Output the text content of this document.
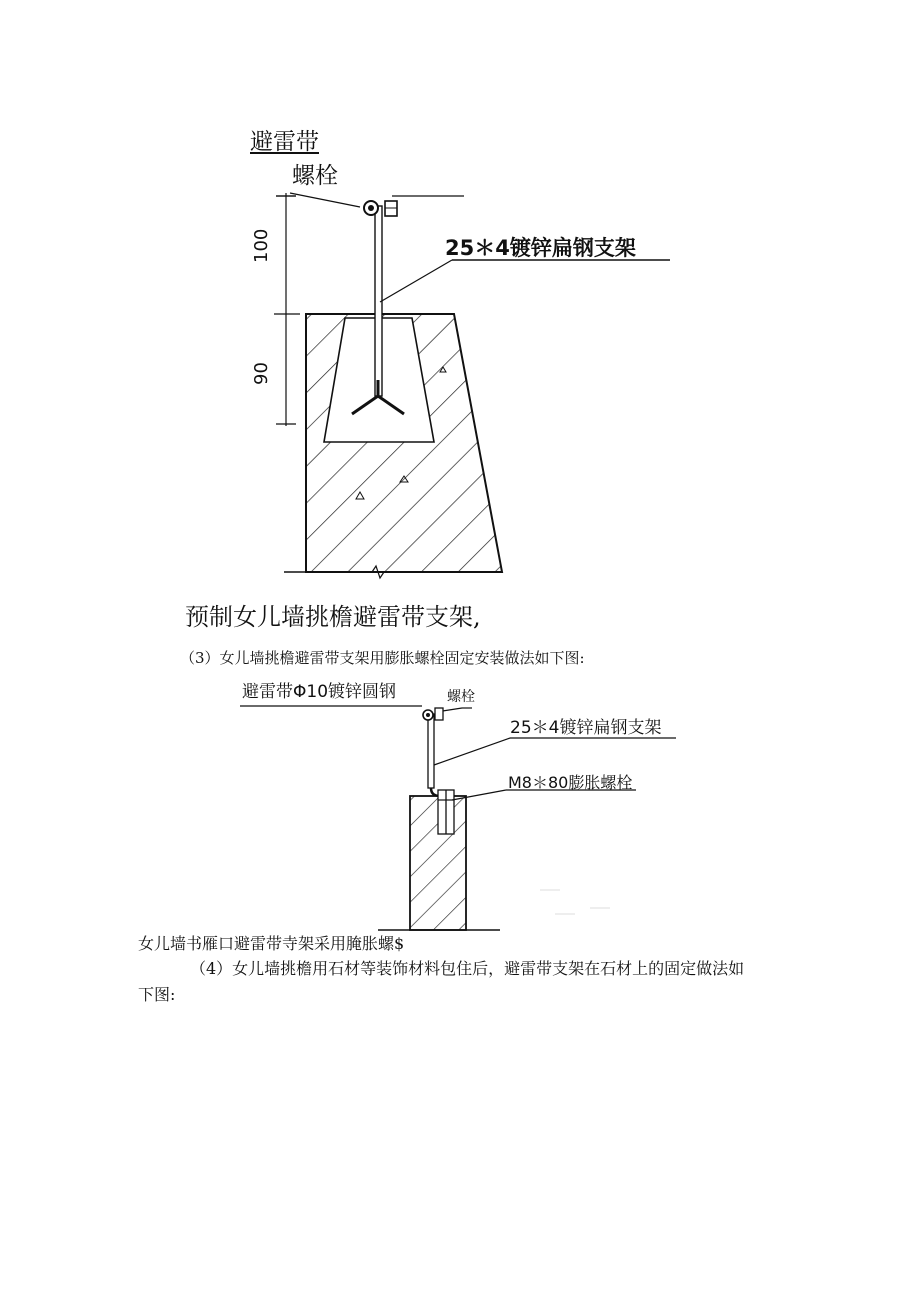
避雷带
螺栓
25＊4镀锌扁钢支架
100
90
预制女儿墙挑檐避雷带支架,
（3）女儿墙挑檐避雷带支架用膨胀螺栓固定安装做法如下图:
避雷带Φ10镀锌圆钢	螺栓
25＊4镀锌扁钢支架
M8＊80膨胀螺栓
女儿墙书雁口避雷带寺架采用腌胀螺$
（4）女儿墙挑檐用石材等装饰材料包住后，避雷带支架在石材上的固定做法如
下图:
